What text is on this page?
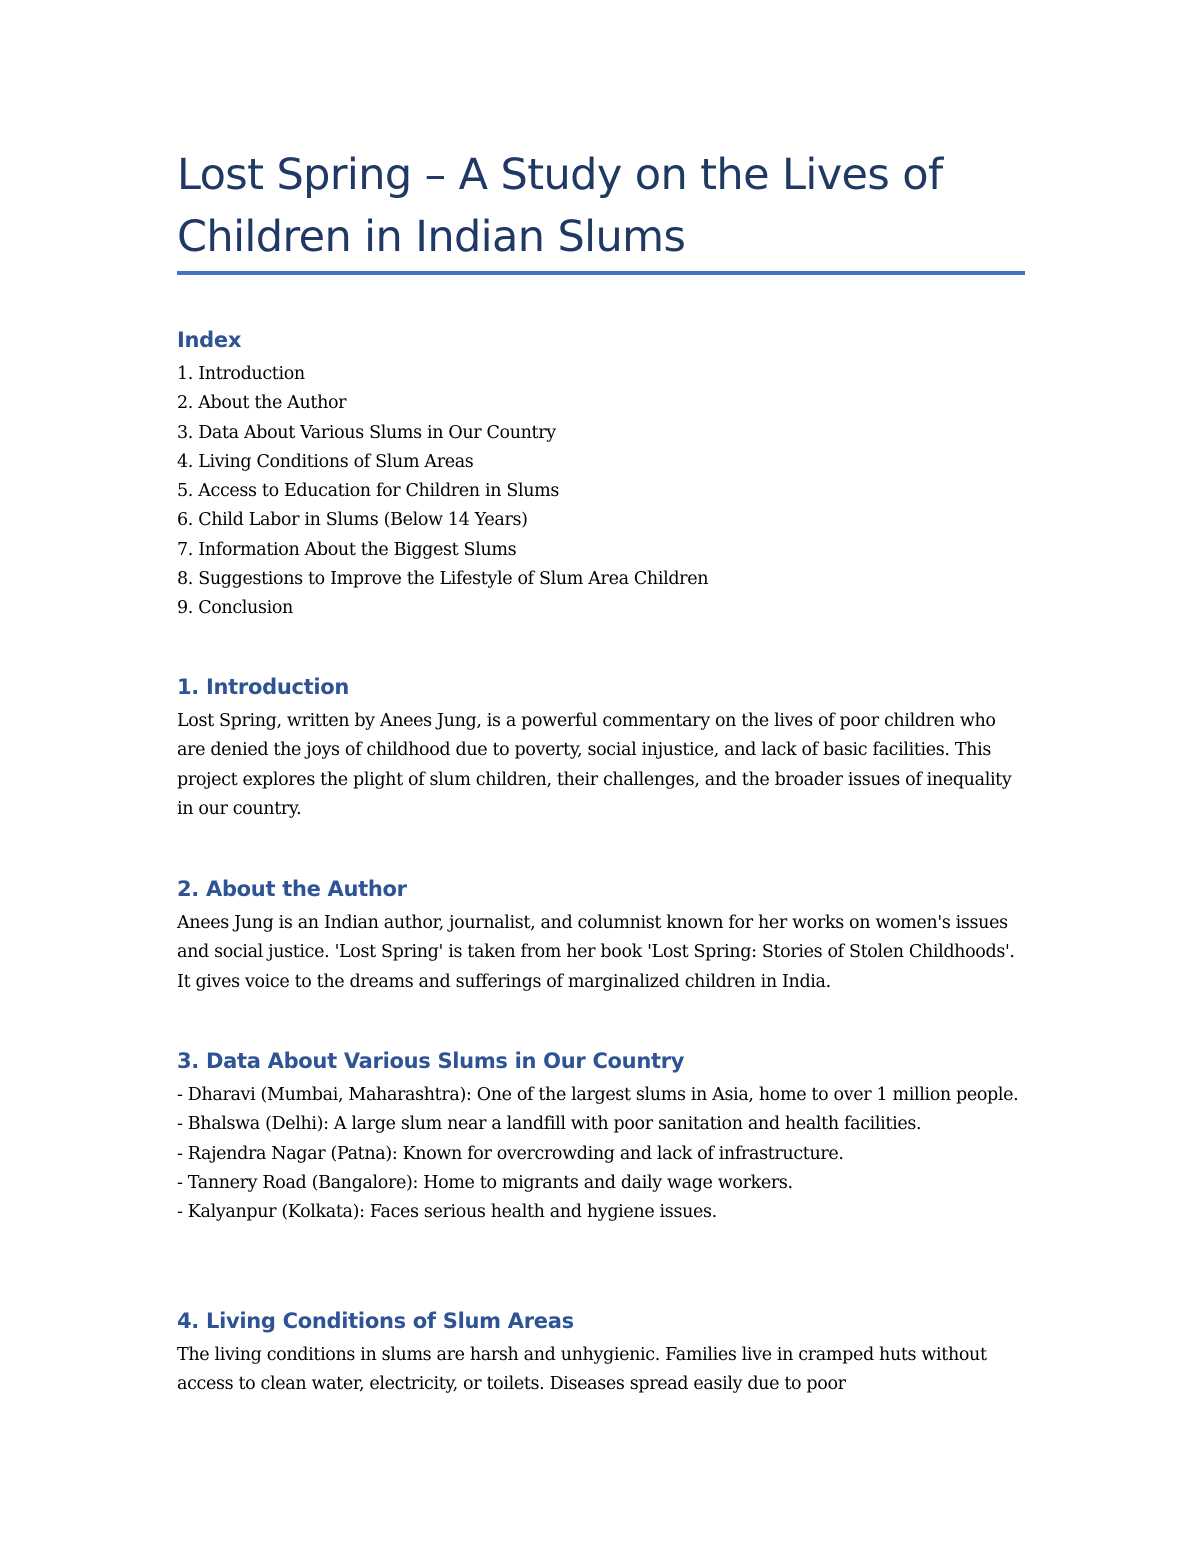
Lost Spring – A Study on the Lives of
Children in Indian Slums
Index
1. Introduction
2. About the Author
3. Data About Various Slums in Our Country
4. Living Conditions of Slum Areas
5. Access to Education for Children in Slums
6. Child Labor in Slums (Below 14 Years)
7. Information About the Biggest Slums
8. Suggestions to Improve the Lifestyle of Slum Area Children
9. Conclusion
1. Introduction

Lost Spring, written by Anees Jung, is a powerful commentary on the lives of poor children who are denied the joys of childhood due to poverty, social injustice, and lack of basic facilities. This project explores the plight of slum children, their challenges, and the broader issues of inequality in our country.

2. About the Author

Anees Jung is an Indian author, journalist, and columnist known for her works on women's issues and social justice. 'Lost Spring' is taken from her book 'Lost Spring: Stories of Stolen Childhoods'. It gives voice to the dreams and sufferings of marginalized children in India.

3. Data About Various Slums in Our Country

- Dharavi (Mumbai, Maharashtra): One of the largest slums in Asia, home to over 1 million people.

- Bhalswa (Delhi): A large slum near a landfill with poor sanitation and health facilities.

- Rajendra Nagar (Patna): Known for overcrowding and lack of infrastructure.

- Tannery Road (Bangalore): Home to migrants and daily wage workers.

- Kalyanpur (Kolkata): Faces serious health and hygiene issues.

4. Living Conditions of Slum Areas

The living conditions in slums are harsh and unhygienic. Families live in cramped huts without access to clean water, electricity, or toilets. Diseases spread easily due to poor
